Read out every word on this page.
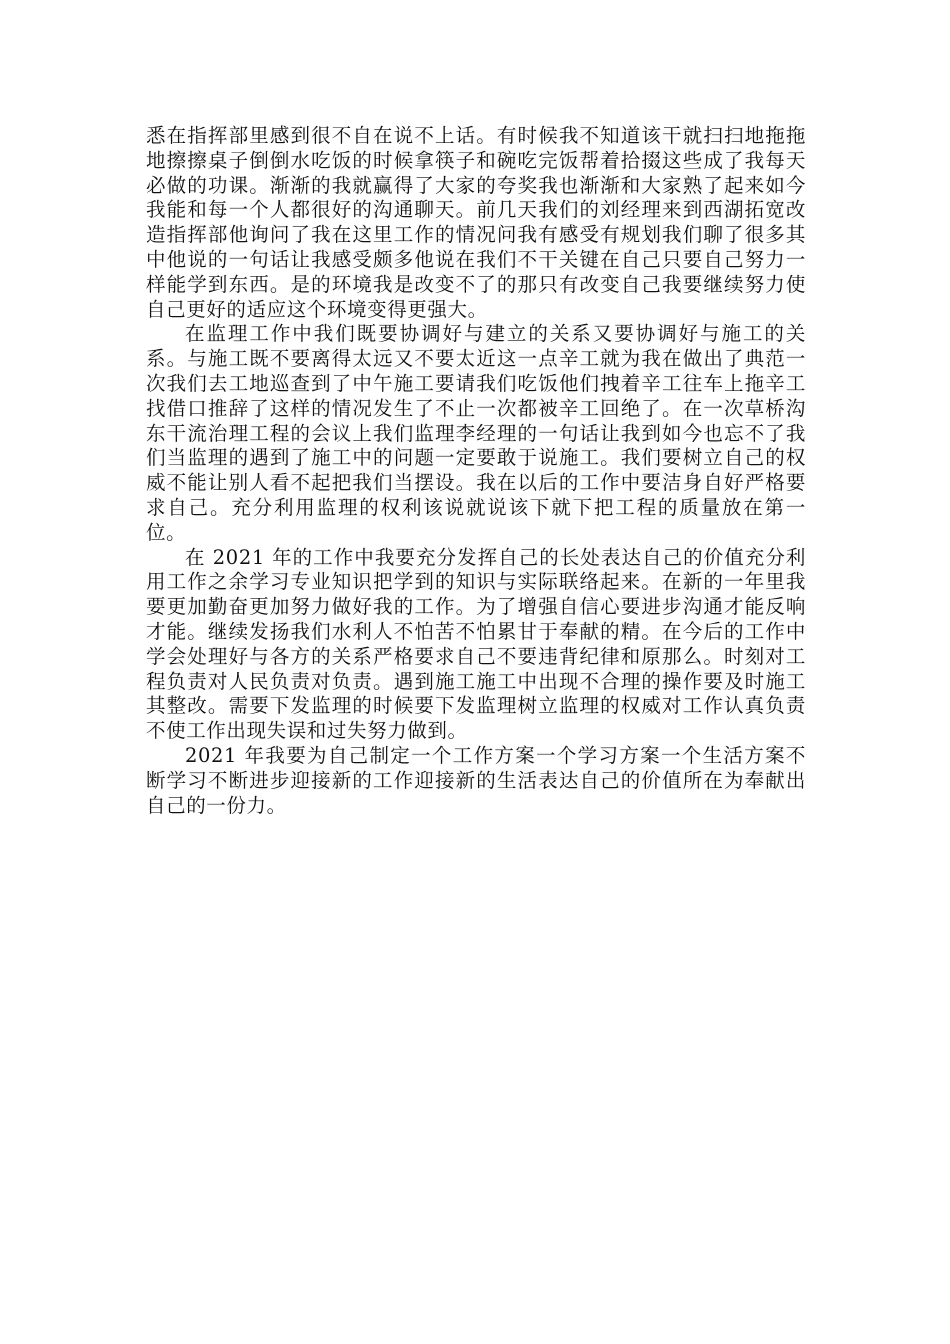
悉在指挥部里感到很不自在说不上话。有时候我不知道该干就扫扫地拖拖地擦擦桌子倒倒水吃饭的时候拿筷子和碗吃完饭帮着拾掇这些成了我每天必做的功课。渐渐的我就赢得了大家的夸奖我也渐渐和大家熟了起来如今我能和每一个人都很好的沟通聊天。前几天我们的刘经理来到西湖拓宽改造指挥部他询问了我在这里工作的情况问我有感受有规划我们聊了很多其中他说的一句话让我感受颇多他说在我们不干关键在自己只要自己努力一样能学到东西。是的环境我是改变不了的那只有改变自己我要继续努力使自己更好的适应这个环境变得更强大。

在监理工作中我们既要协调好与建立的关系又要协调好与施工的关系。与施工既不要离得太远又不要太近这一点辛工就为我在做出了典范一次我们去工地巡查到了中午施工要请我们吃饭他们拽着辛工往车上拖辛工找借口推辞了这样的情况发生了不止一次都被辛工回绝了。在一次草桥沟东干流治理工程的会议上我们监理李经理的一句话让我到如今也忘不了我们当监理的遇到了施工中的问题一定要敢于说施工。我们要树立自己的权威不能让别人看不起把我们当摆设。我在以后的工作中要洁身自好严格要求自己。充分利用监理的权利该说就说该下就下把工程的质量放在第一位。

在 2021 年的工作中我要充分发挥自己的长处表达自己的价值充分利用工作之余学习专业知识把学到的知识与实际联络起来。在新的一年里我要更加勤奋更加努力做好我的工作。为了增强自信心要进步沟通才能反响才能。继续发扬我们水利人不怕苦不怕累甘于奉献的精。在今后的工作中学会处理好与各方的关系严格要求自己不要违背纪律和原那么。时刻对工程负责对人民负责对负责。遇到施工施工中出现不合理的操作要及时施工其整改。需要下发监理的时候要下发监理树立监理的权威对工作认真负责不使工作出现失误和过失努力做到。

2021 年我要为自己制定一个工作方案一个学习方案一个生活方案不断学习不断进步迎接新的工作迎接新的生活表达自己的价值所在为奉献出自己的一份力。
